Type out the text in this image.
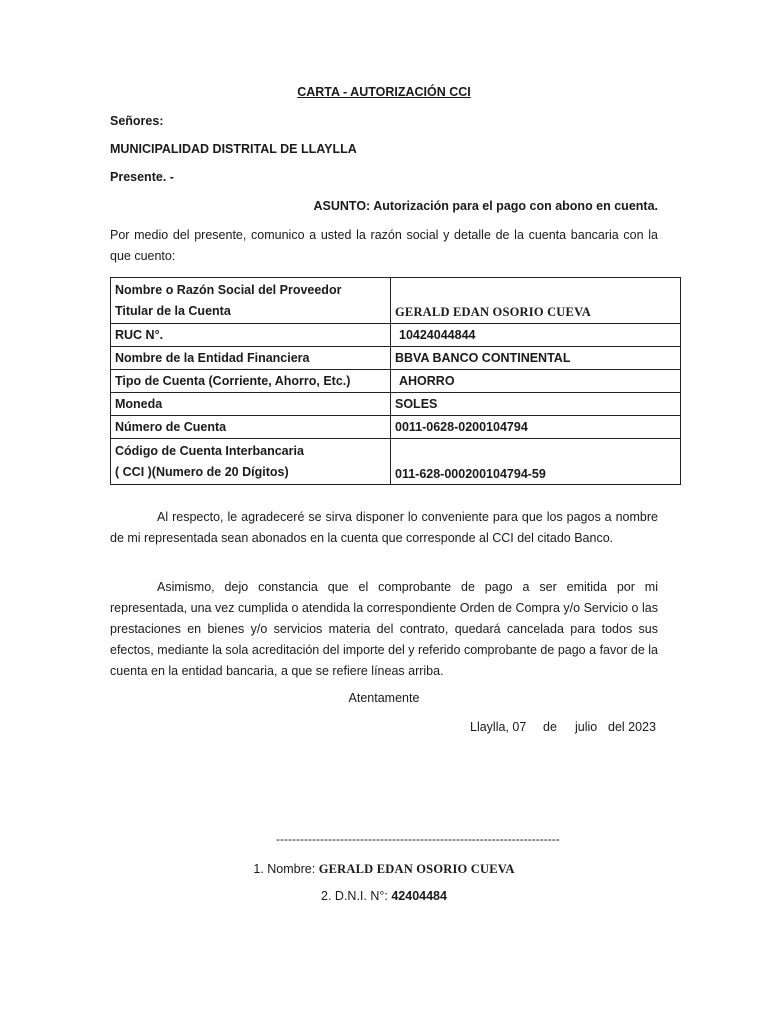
CARTA - AUTORIZACIÓN CCI
Señores:
MUNICIPALIDAD DISTRITAL DE LLAYLLA
Presente. -
ASUNTO: Autorización para el pago con abono en cuenta.
Por medio del presente, comunico a usted la razón social y detalle de la cuenta bancaria con la que cuento:
Nombre o Razón Social del Proveedor
Titular de la Cuenta	GERALD EDAN OSORIO CUEVA
RUC N°.	10424044844
Nombre de la Entidad Financiera	BBVA BANCO CONTINENTAL
Tipo de Cuenta (Corriente, Ahorro, Etc.)	AHORRO
Moneda	SOLES
Número de Cuenta	0011-0628-0200104794

Código de Cuenta Interbancaria
( CCI )(Numero de 20 Dígitos)	011-628-000200104794-59
Al respecto, le agradeceré se sirva disponer lo conveniente para que los pagos a nombre de mi representada sean abonados en la cuenta que corresponde al CCI del citado Banco.
Asimismo, dejo constancia que el comprobante de pago a ser emitida por mi representada, una vez cumplida o atendida la correspondiente Orden de Compra y/o Servicio o las prestaciones en bienes y/o servicios materia del contrato, quedará cancelada para todos sus efectos, mediante la sola acreditación del importe del y referido comprobante de pago a favor de la cuenta en la entidad bancaria, a que se refiere líneas arriba.
Atentamente
Llaylla, 07 de julio del 2023
-----------------------------------------------------------------------
1. Nombre: GERALD EDAN OSORIO CUEVA
2. D.N.I. N°: 42404484
